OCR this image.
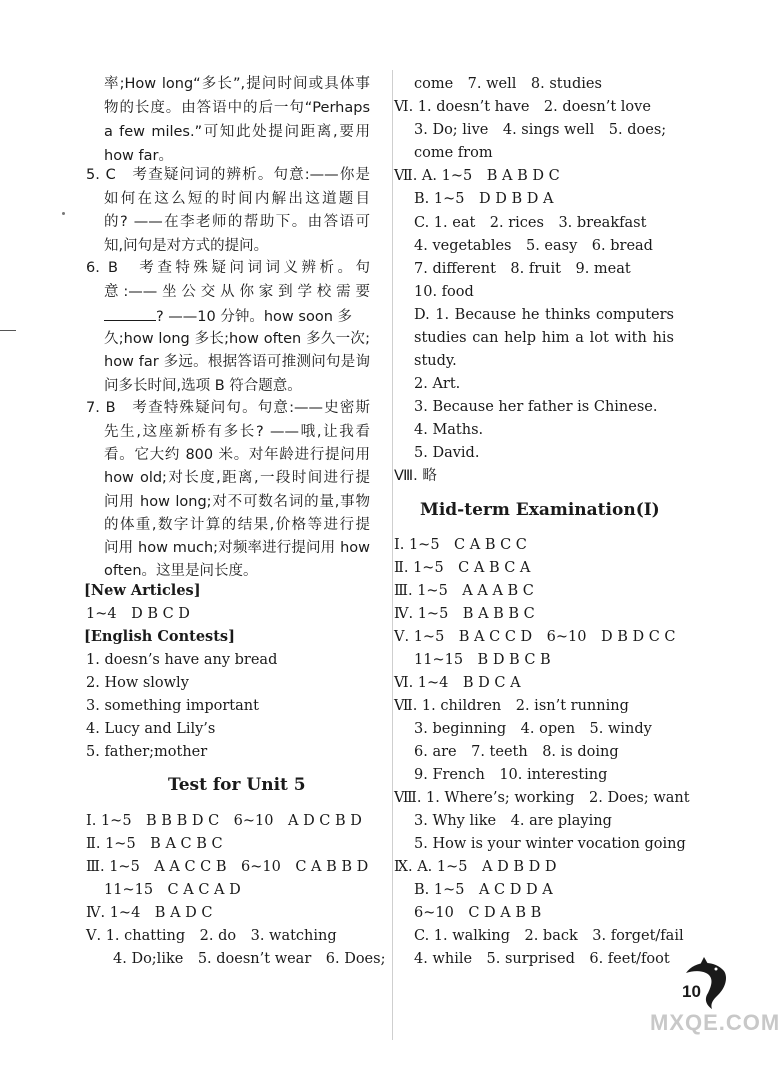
率;How long“多长”,提问时间或具体事
物的长度。由答语中的后一句“Perhaps
a few miles.”可知此处提问距离,要用
how far。
5. C　考查疑问词的辨析。句意:——你是
如何在这么短的时间内解出这道题目
的? ——在李老师的帮助下。由答语可
知,问句是对方式的提问。
6. B　考查特殊疑问词词义辨析。句
意:——坐公交从你家到学校需要
? ——10 分钟。how soon 多
久;how long 多长;how often 多久一次;
how far 多远。根据答语可推测问句是询
问多长时间,选项 B 符合题意。
7. B　考查特殊疑问句。句意:——史密斯
先生,这座新桥有多长? ——哦,让我看
看。它大约 800 米。对年龄进行提问用
how old;对长度,距离,一段时间进行提
问用 how long;对不可数名词的量,事物
的体重,数字计算的结果,价格等进行提
问用 how much;对频率进行提问用 how
often。这里是问长度。
[New Articles]
1~4　D B C D
[English Contests]
1. doesn’s have any bread
2. How slowly
3. something important
4. Lucy and Lily’s
5. father;mother
Test for Unit 5
Ⅰ. 1~5　B B B D C　6~10　A D C B D
Ⅱ. 1~5　B A C B C
Ⅲ. 1~5　A A C C B　6~10　C A B B D
11~15　C A C A D
Ⅳ. 1~4　B A D C
Ⅴ. 1. chatting　2. do　3. watching
4. Do;like　5. doesn’t wear　6. Does;
come　7. well　8. studies
Ⅵ. 1. doesn’t have　2. doesn’t love
3. Do; live　4. sings well　5. does;
come from
Ⅶ. A. 1~5　B A B D C
B. 1~5　D D B D A
C. 1. eat　2. rices　3. breakfast
4. vegetables　5. easy　6. bread
7. different　8. fruit　9. meat
10. food
D. 1. Because he thinks computers
studies can help him a lot with his
study.
2. Art.
3. Because her father is Chinese.
4. Maths.
5. David.
Ⅷ. 略
Mid-term Examination(Ⅰ)
Ⅰ. 1~5　C A B C C
Ⅱ. 1~5　C A B C A
Ⅲ. 1~5　A A A B C
Ⅳ. 1~5　B A B B C
Ⅴ. 1~5　B A C C D　6~10　D B D C C
11~15　B D B C B
Ⅵ. 1~4　B D C A
Ⅶ. 1. children　2. isn’t running
3. beginning　4. open　5. windy
6. are　7. teeth　8. is doing
9. French　10. interesting
Ⅷ. 1. Where’s; working　2. Does; want
3. Why like　4. are playing
5. How is your winter vocation going
Ⅸ. A. 1~5　A D B D D
B. 1~5　A C D D A
6~10　C D A B B
C. 1. walking　2. back　3. forget/fail
4. while　5. surprised　6. feet/foot
10
MXQE.COM
